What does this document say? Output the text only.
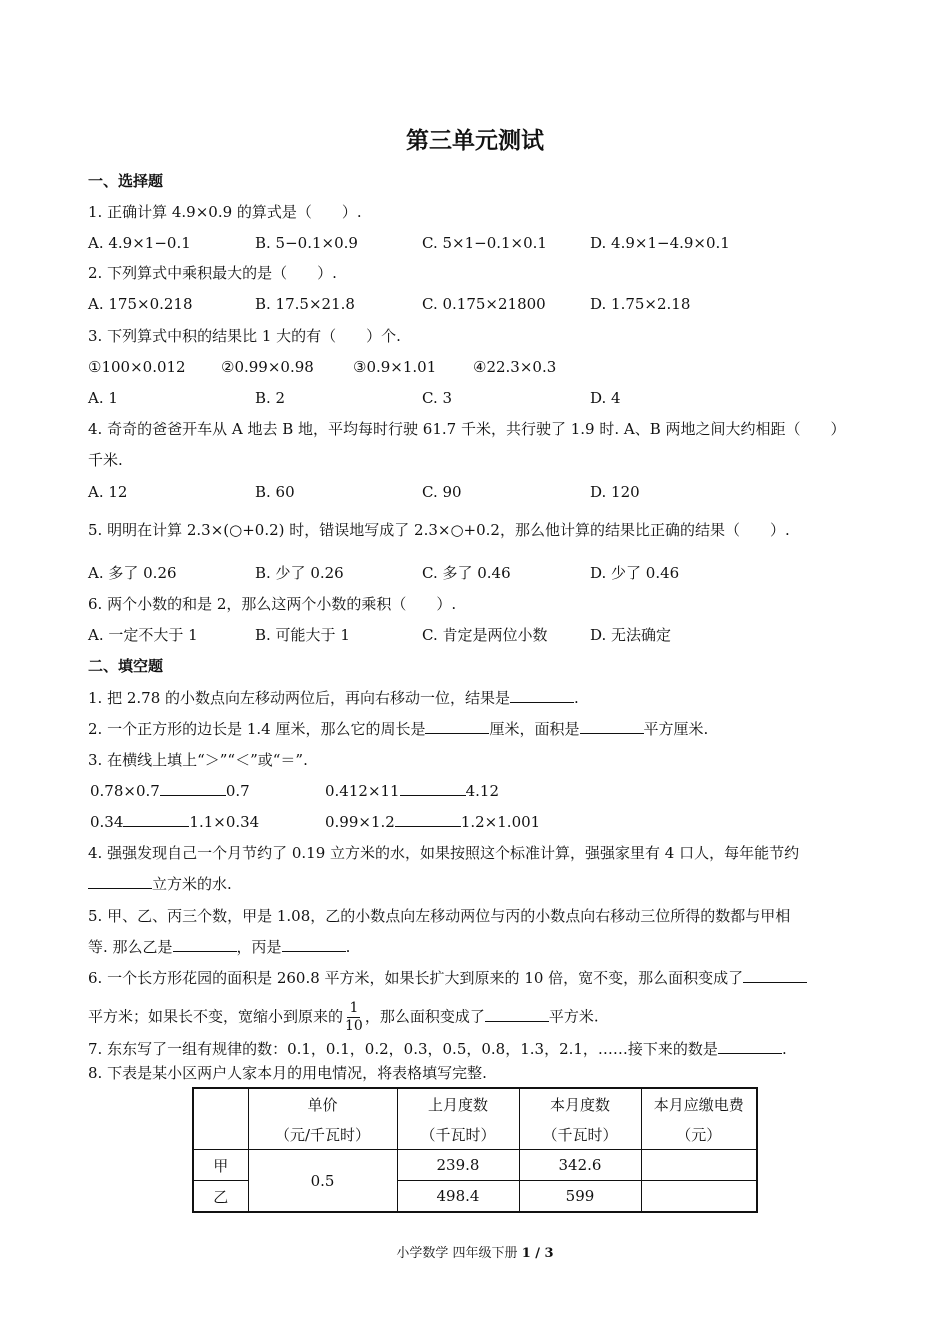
第三单元测试
一、选择题
1. 正确计算 4.9×0.9 的算式是（　　）.
A. 4.9×1−0.1	B. 5−0.1×0.9	C. 5×1−0.1×0.1	D. 4.9×1−4.9×0.1
2. 下列算式中乘积最大的是（　　）.
A. 175×0.218	B. 17.5×21.8	C. 0.175×21800	D. 1.75×2.18
3. 下列算式中积的结果比 1 大的有（　　）个.
①100×0.012 ②0.99×0.98	③0.9×1.01 ④22.3×0.3
A. 1	B. 2	C. 3	D. 4
4. 奇奇的爸爸开车从 A 地去 B 地，平均每时行驶 61.7 千米，共行驶了 1.9 时. A、B 两地之间大约相距（　　）
千米.
A. 12	B. 60	C. 90	D. 120
5. 明明在计算 2.3×(○+0.2) 时，错误地写成了 2.3×○+0.2，那么他计算的结果比正确的结果（　　）.
A. 多了 0.26	B. 少了 0.26	C. 多了 0.46	D. 少了 0.46
6. 两个小数的和是 2，那么这两个小数的乘积（　　）.
A. 一定不大于 1	B. 可能大于 1	C. 肯定是两位小数	D. 无法确定
二、填空题
1. 把 2.78 的小数点向左移动两位后，再向右移动一位，结果是	.
2. 一个正方形的边长是 1.4 厘米，那么它的周长是	厘米，面积是	平方厘米.
3. 在横线上填上“＞”“＜”或“＝”.
0.78×0.7	0.7	0.412×11	4.12
0.34	1.1×0.34	0.99×1.2	1.2×1.001
4. 强强发现自己一个月节约了 0.19 立方米的水，如果按照这个标准计算，强强家里有 4 口人，每年能节约
立方米的水.
5. 甲、乙、丙三个数，甲是 1.08，乙的小数点向左移动两位与丙的小数点向右移动三位所得的数都与甲相
等. 那么乙是	，丙是	.
6. 一个长方形花园的面积是 260.8 平方米，如果长扩大到原来的 10 倍，宽不变，那么面积变成了
平方米；如果长不变，宽缩小到原来的 $\frac{1}{10}$ ，那么面积变成了	平方米.
7. 东东写了一组有规律的数：0.1，0.1，0.2，0.3，0.5，0.8，1.3，2.1，……接下来的数是	.
8. 下表是某小区两户人家本月的用电情况，将表格填写完整.
	单价	上月度数	本月度数	本月应缴电费
	（元/千瓦时）	（千瓦时）	（千瓦时）	（元）
甲	0.5	239.8	342.6	
乙		498.4	599	
小学数学 四年级下册 1 / 3
